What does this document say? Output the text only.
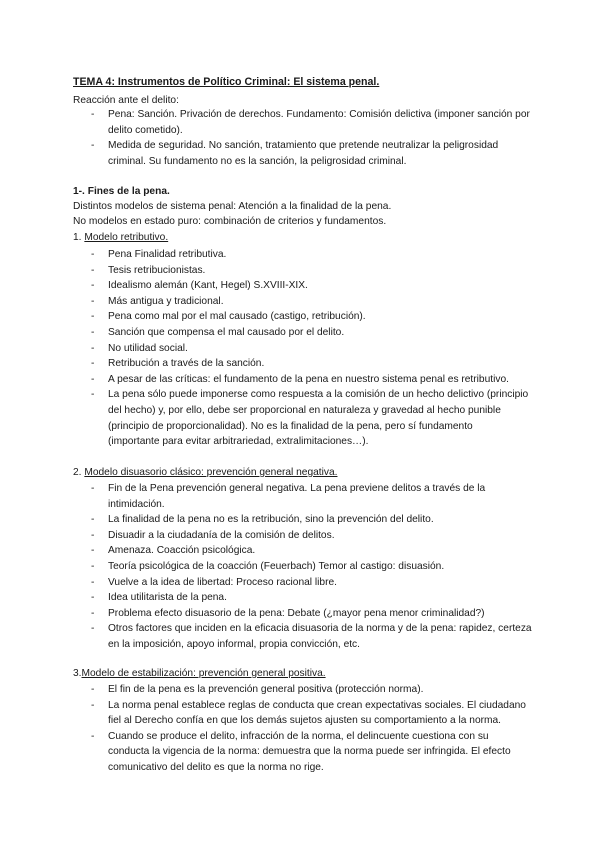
TEMA 4: Instrumentos de Político Criminal: El sistema penal.
Reacción ante el delito:
1-. Fines de la pena.
Distintos modelos de sistema penal: Atención a la finalidad de la pena.
No modelos en estado puro: combinación de criterios y fundamentos.
1. Modelo retributivo.
2. Modelo disuasorio clásico: prevención general negativa.
3.Modelo de estabilización: prevención general positiva.
- Pena: Sanción. Privación de derechos. Fundamento: Comisión delictiva (imponer sanción por
delito cometido).
- Medida de seguridad. No sanción, tratamiento que pretende neutralizar la peligrosidad
criminal. Su fundamento no es la sanción, la peligrosidad criminal.
- Pena Finalidad retributiva.
- Tesis retribucionistas.
- Idealismo alemán (Kant, Hegel) S.XVIII-XIX.
- Más antigua y tradicional.
- Pena como mal por el mal causado (castigo, retribución).
- Sanción que compensa el mal causado por el delito.
- No utilidad social.
- Retribución a través de la sanción.
- A pesar de las críticas: el fundamento de la pena en nuestro sistema penal es retributivo.
- La pena sólo puede imponerse como respuesta a la comisión de un hecho delictivo (principio
del hecho) y, por ello, debe ser proporcional en naturaleza y gravedad al hecho punible
(principio de proporcionalidad). No es la finalidad de la pena, pero sí fundamento
(importante para evitar arbitrariedad, extralimitaciones…).
- Fin de la Pena prevención general negativa. La pena previene delitos a través de la
intimidación.
- La finalidad de la pena no es la retribución, sino la prevención del delito.
- Disuadir a la ciudadanía de la comisión de delitos.
- Amenaza. Coacción psicológica.
- Teoría psicológica de la coacción (Feuerbach) Temor al castigo: disuasión.
- Vuelve a la idea de libertad: Proceso racional libre.
- Idea utilitarista de la pena.
- Problema efecto disuasorio de la pena: Debate (¿mayor pena menor criminalidad?)
- Otros factores que inciden en la eficacia disuasoria de la norma y de la pena: rapidez, certeza
en la imposición, apoyo informal, propia convicción, etc.
- El fin de la pena es la prevención general positiva (protección norma).
- La norma penal establece reglas de conducta que crean expectativas sociales. El ciudadano
fiel al Derecho confía en que los demás sujetos ajusten su comportamiento a la norma.
- Cuando se produce el delito, infracción de la norma, el delincuente cuestiona con su
conducta la vigencia de la norma: demuestra que la norma puede ser infringida. El efecto
comunicativo del delito es que la norma no rige.
